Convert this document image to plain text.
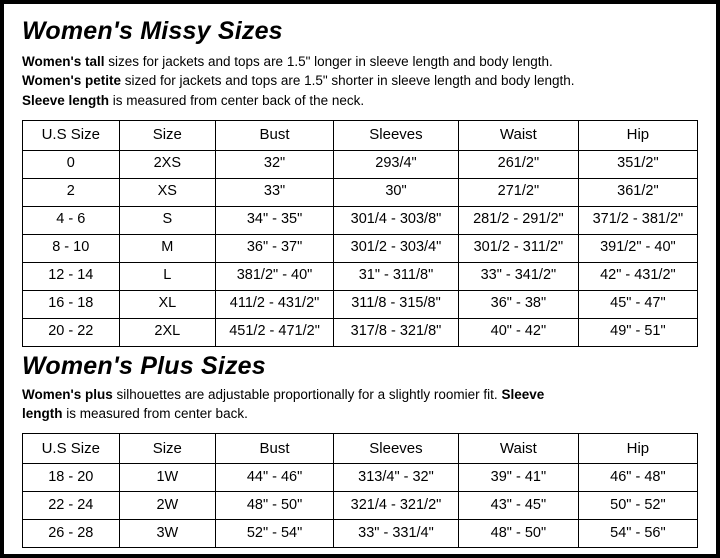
Women's Missy Sizes

Women's tall sizes for jackets and tops are 1.5" longer in sleeve length and body length.
Women's petite sized for jackets and tops are 1.5" shorter in sleeve length and body length.
Sleeve length is measured from center back of the neck.

U.S Size	Size	Bust	Sleeves	Waist	Hip
0	2XS	32"	293/4"	261/2"	351/2"
2	XS	33"	30"	271/2"	361/2"
4 - 6	S	34" - 35"	301/4 - 303/8"	281/2 - 291/2"	371/2 - 381/2"
8 - 10	M	36" - 37"	301/2 - 303/4"	301/2 - 311/2"	391/2" - 40"
12 - 14	L	381/2" - 40"	31" - 311/8"	33" - 341/2"	42" - 431/2"
16 - 18	XL	411/2 - 431/2"	311/8 - 315/8"	36" - 38"	45" - 47"
20 - 22	2XL	451/2 - 471/2"	317/8 - 321/8"	40" - 42"	49" - 51"
Women's Plus Sizes

Women's plus silhouettes are adjustable proportionally for a slightly roomier fit. Sleeve
length is measured from center back.

U.S Size	Size	Bust	Sleeves	Waist	Hip
18 - 20	1W	44" - 46"	313/4" - 32"	39" - 41"	46" - 48"
22 - 24	2W	48" - 50"	321/4 - 321/2"	43" - 45"	50" - 52"
26 - 28	3W	52" - 54"	33" - 331/4"	48" - 50"	54" - 56"
